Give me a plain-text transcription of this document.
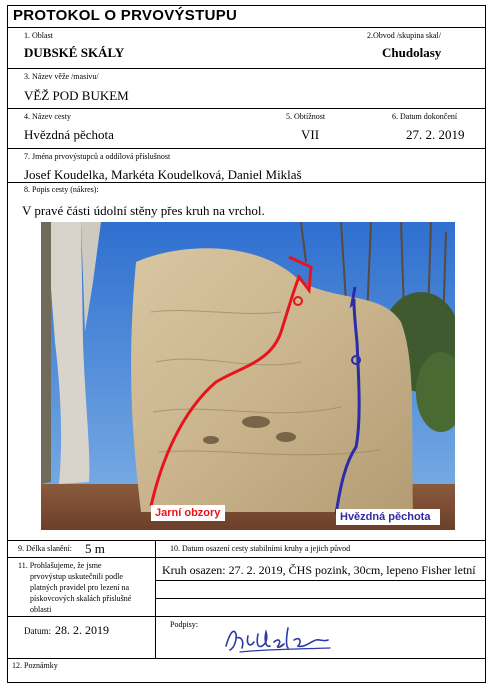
PROTOKOL O PRVOVÝSTUPU
1. Oblast
DUBSKÉ SKÁLY
2.Obvod /skupina skal/
Chudolasy
3. Název věže /masivu/
VĚŽ POD BUKEM
4. Název cesty
Hvězdná pěchota
5. Obtížnost
VII
6. Datum dokončení
27. 2. 2019
7. Jména prvovýstupců a oddílová příslušnost
Josef Koudelka, Markéta Koudelková, Daniel Miklaš
8. Popis cesty (nákres):
V pravé části údolní stěny přes kruh na vrchol.
Jarní obzory	Hvězdná pěchota
9. Délka slanění: 5 m	10. Datum osazení cesty stabilními kruhy a jejich původ
11. Prohlašujeme, že jsme
prvovýstup uskutečnili podle
platných pravidel pro lezení na
pískovcových skalách příslušné
oblasti
Kruh osazen: 27. 2. 2019, ČHS pozink, 30cm, lepeno Fisher letní
Datum: 28. 2. 2019	Podpisy:
12. Poznámky
